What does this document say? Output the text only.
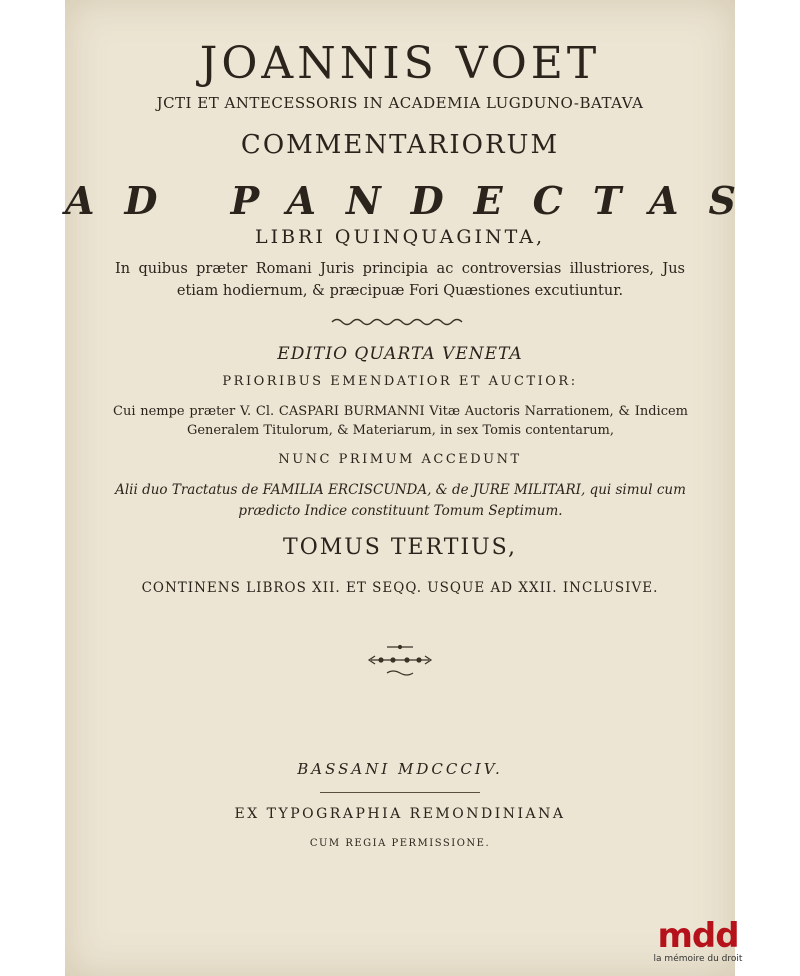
JOANNIS VOET
JCTI ET ANTECESSORIS IN ACADEMIA LUGDUNO-BATAVA
COMMENTARIORUM
AD PANDECTAS
LIBRI QUINQUAGINTA,
In quibus præter Romani Juris principia ac controversias illustriores, Jus etiam hodiernum, & præcipuæ Fori Quæstiones excutiuntur.
EDITIO QUARTA VENETA
PRIORIBUS EMENDATIOR ET AUCTIOR:
Cui nempe præter V. Cl. CASPARI BURMANNI Vitæ Auctoris Narrationem, & Indicem Generalem Titulorum, & Materiarum, in sex Tomis contentarum,
NUNC PRIMUM ACCEDUNT
Alii duo Tractatus de FAMILIA ERCISCUNDA, & de JURE MILITARI, qui simul cum prædicto Indice constituunt Tomum Septimum.
TOMUS TERTIUS,
CONTINENS LIBROS XII. ET SEQQ. USQUE AD XXII. INCLUSIVE.
BASSANI MDCCCIV.
EX TYPOGRAPHIA REMONDINIANA
CUM REGIA PERMISSIONE.
mdd
la mémoire du droit
